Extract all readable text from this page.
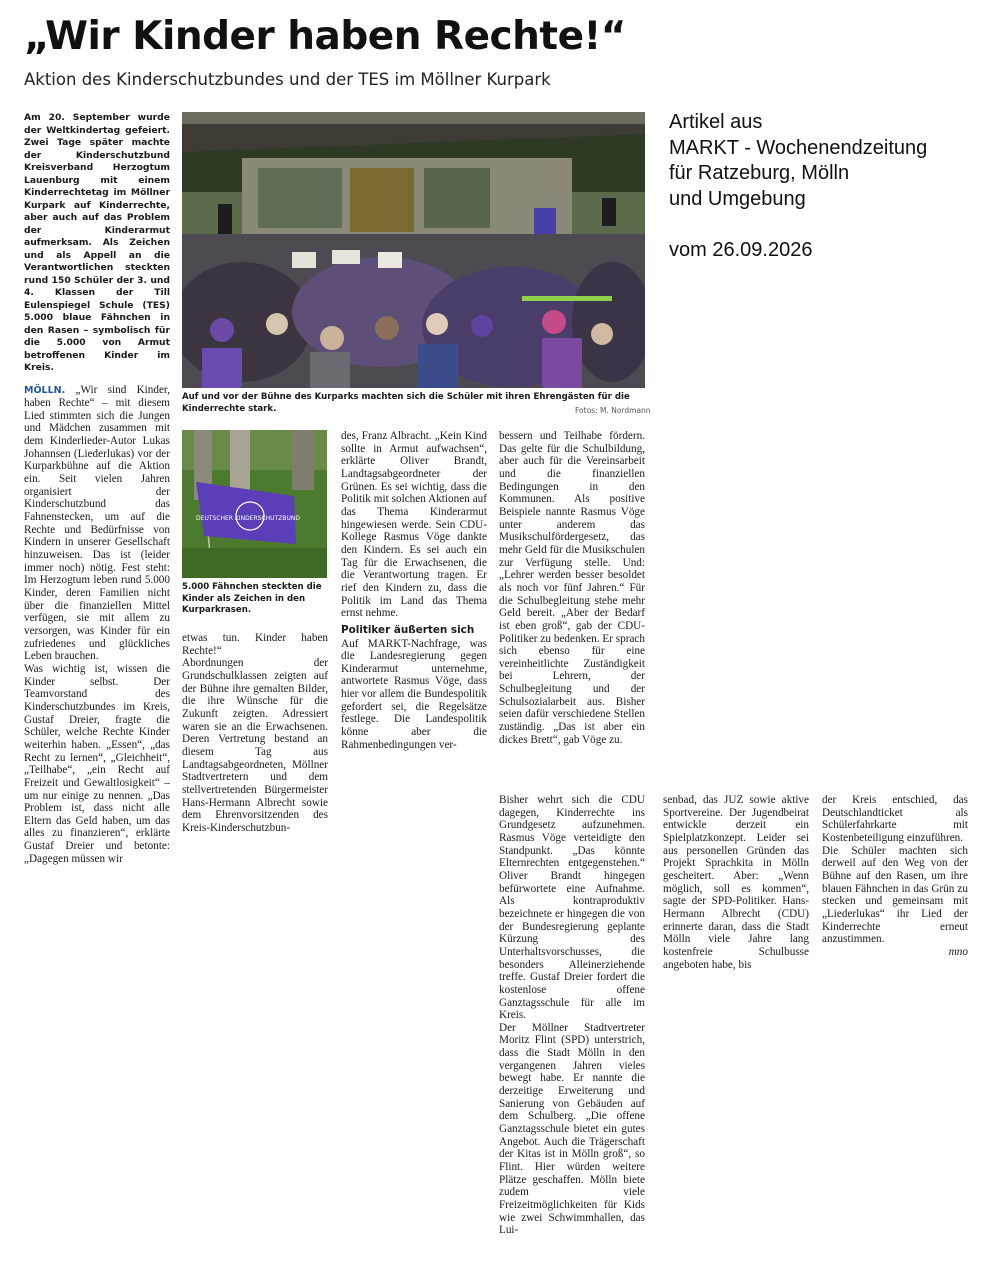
„Wir Kinder haben Rechte!“
Aktion des Kinderschutzbundes und der TES im Möllner Kurpark
Artikel aus
MARKT - Wochenendzeitung
für Ratzeburg, Mölln
und Umgebung
vom 26.09.2026

Am 20. September wurde der Weltkindertag gefeiert. Zwei Tage später machte der Kinderschutzbund Kreisverband Herzogtum Lauenburg mit einem Kinderrechtetag im Möllner Kurpark auf Kinderrechte, aber auch auf das Problem der Kinderarmut aufmerksam. Als Zeichen und als Appell an die Verantwortlichen steckten rund 150 Schüler der 3. und 4. Klassen der Till Eulenspiegel Schule (TES) 5.000 blaue Fähnchen in den Rasen – symbolisch für die 5.000 von Armut betroffenen Kinder im Kreis.

MÖLLN. „Wir sind Kinder, haben Rechte“ – mit diesem Lied stimmten sich die Jungen und Mädchen zusammen mit dem Kinderlieder-Autor Lukas Johannsen (Liederlukas) vor der Kurparkbühne auf die Aktion ein. Seit vielen Jahren organisiert der Kinderschutzbund das Fahnenstecken, um auf die Rechte und Bedürfnisse von Kindern in unserer Gesellschaft hinzuweisen. Das ist (leider immer noch) nötig. Fest steht: Im Herzogtum leben rund 5.000 Kinder, deren Familien nicht über die finanziellen Mittel verfügen, sie mit allem zu versorgen, was Kinder für ein zufriedenes und glückliches Leben brauchen.

Was wichtig ist, wissen die Kinder selbst. Der Teamvorstand des Kinderschutzbundes im Kreis, Gustaf Dreier, fragte die Schüler, welche Rechte Kinder weiterhin haben. „Essen“, „das Recht zu lernen“, „Gleichheit“, „Teilhabe“, „ein Recht auf Freizeit und Gewaltlosigkeit“ – um nur einige zu nennen. „Das Problem ist, dass nicht alle Eltern das Geld haben, um das alles zu finanzieren“, erklärte Gustaf Dreier und betonte: „Dagegen müssen wir

Auf und vor der Bühne des Kurparks machten sich die Schüler mit ihren Ehrengästen für die Kinderrechte stark.	Fotos: M. Nordmann
DEUTSCHER KINDERSCHUTZBUND
5.000 Fähnchen steckten die Kinder als Zeichen in den Kurparkrasen.

etwas tun. Kinder haben Rechte!“

Abordnungen der Grundschulklassen zeigten auf der Bühne ihre gemalten Bilder, die ihre Wünsche für die Zukunft zeigten. Adressiert waren sie an die Erwachsenen. Deren Vertretung bestand an diesem Tag aus Landtagsabgeordneten, Möllner Stadtvertretern und dem stellvertretenden Bürgermeister Hans-Hermann Albrecht sowie dem Ehrenvorsitzenden des Kreis-Kinderschutzbun-

des, Franz Albracht. „Kein Kind sollte in Armut aufwachsen“, erklärte Oliver Brandt, Landtagsabgeordneter der Grünen. Es sei wichtig, dass die Politik mit solchen Aktionen auf das Thema Kinderarmut hingewiesen werde. Sein CDU-Kollege Rasmus Vöge dankte den Kindern. Es sei auch ein Tag für die Erwachsenen, die die Verantwortung tragen. Er rief den Kindern zu, dass die Politik im Land das Thema ernst nehme.

Politiker äußerten sich

Auf MARKT-Nachfrage, was die Landesregierung gegen Kinderarmut unternehme, antwortete Rasmus Vöge, dass hier vor allem die Bundespolitik gefordert sei, die Regelsätze festlege. Die Landespolitik könne aber die Rahmenbedingungen ver-

bessern und Teilhabe fördern. Das gelte für die Schulbildung, aber auch für die Vereinsarbeit und die finanziellen Bedingungen in den Kommunen. Als positive Beispiele nannte Rasmus Vöge unter anderem das Musikschulfördergesetz, das mehr Geld für die Musikschulen zur Verfügung stelle. Und: „Lehrer werden besser besoldet als noch vor fünf Jahren.“ Für die Schulbegleitung stehe mehr Geld bereit. „Aber der Bedarf ist eben groß“, gab der CDU-Politiker zu bedenken. Er sprach sich ebenso für eine vereinheitlichte Zuständigkeit bei Lehrern, der Schulbegleitung und der Schulsozialarbeit aus. Bisher seien dafür verschiedene Stellen zuständig. „Das ist aber ein dickes Brett“, gab Vöge zu.

Bisher wehrt sich die CDU dagegen, Kinderrechte ins Grundgesetz aufzunehmen. Rasmus Vöge verteidigte den Standpunkt. „Das könnte Elternrechten entgegenstehen.“ Oliver Brandt hingegen befürwortete eine Aufnahme. Als kontraproduktiv bezeichnete er hingegen die von der Bundesregierung geplante Kürzung des Unterhaltsvorschusses, die besonders Alleinerziehende treffe. Gustaf Dreier fordert die kostenlose offene Ganztagsschule für alle im Kreis.

Der Möllner Stadtvertreter Moritz Flint (SPD) unterstrich, dass die Stadt Mölln in den vergangenen Jahren vieles bewegt habe. Er nannte die derzeitige Erweiterung und Sanierung von Gebäuden auf dem Schulberg. „Die offene Ganztagsschule bietet ein gutes Angebot. Auch die Trägerschaft der Kitas ist in Mölln groß“, so Flint. Hier würden weitere Plätze geschaffen. Mölln biete zudem viele Freizeitmöglichkeiten für Kids wie zwei Schwimmhallen, das Lui-

senbad, das JUZ sowie aktive Sportvereine. Der Jugendbeirat entwickle derzeit ein Spielplatzkonzept. Leider sei aus personellen Gründen das Projekt Sprachkita in Mölln gescheitert. Aber: „Wenn möglich, soll es kommen“, sagte der SPD-Politiker. Hans-Hermann Albrecht (CDU) erinnerte daran, dass die Stadt Mölln viele Jahre lang kostenfreie Schulbusse angeboten habe, bis

der Kreis entschied, das Deutschlandticket als Schülerfahrkarte mit Kostenbeteiligung einzuführen.

Die Schüler machten sich derweil auf den Weg von der Bühne auf den Rasen, um ihre blauen Fähnchen in das Grün zu stecken und gemeinsam mit „Liederlukas“ ihr Lied der Kinderrechte erneut anzustimmen.

mno
